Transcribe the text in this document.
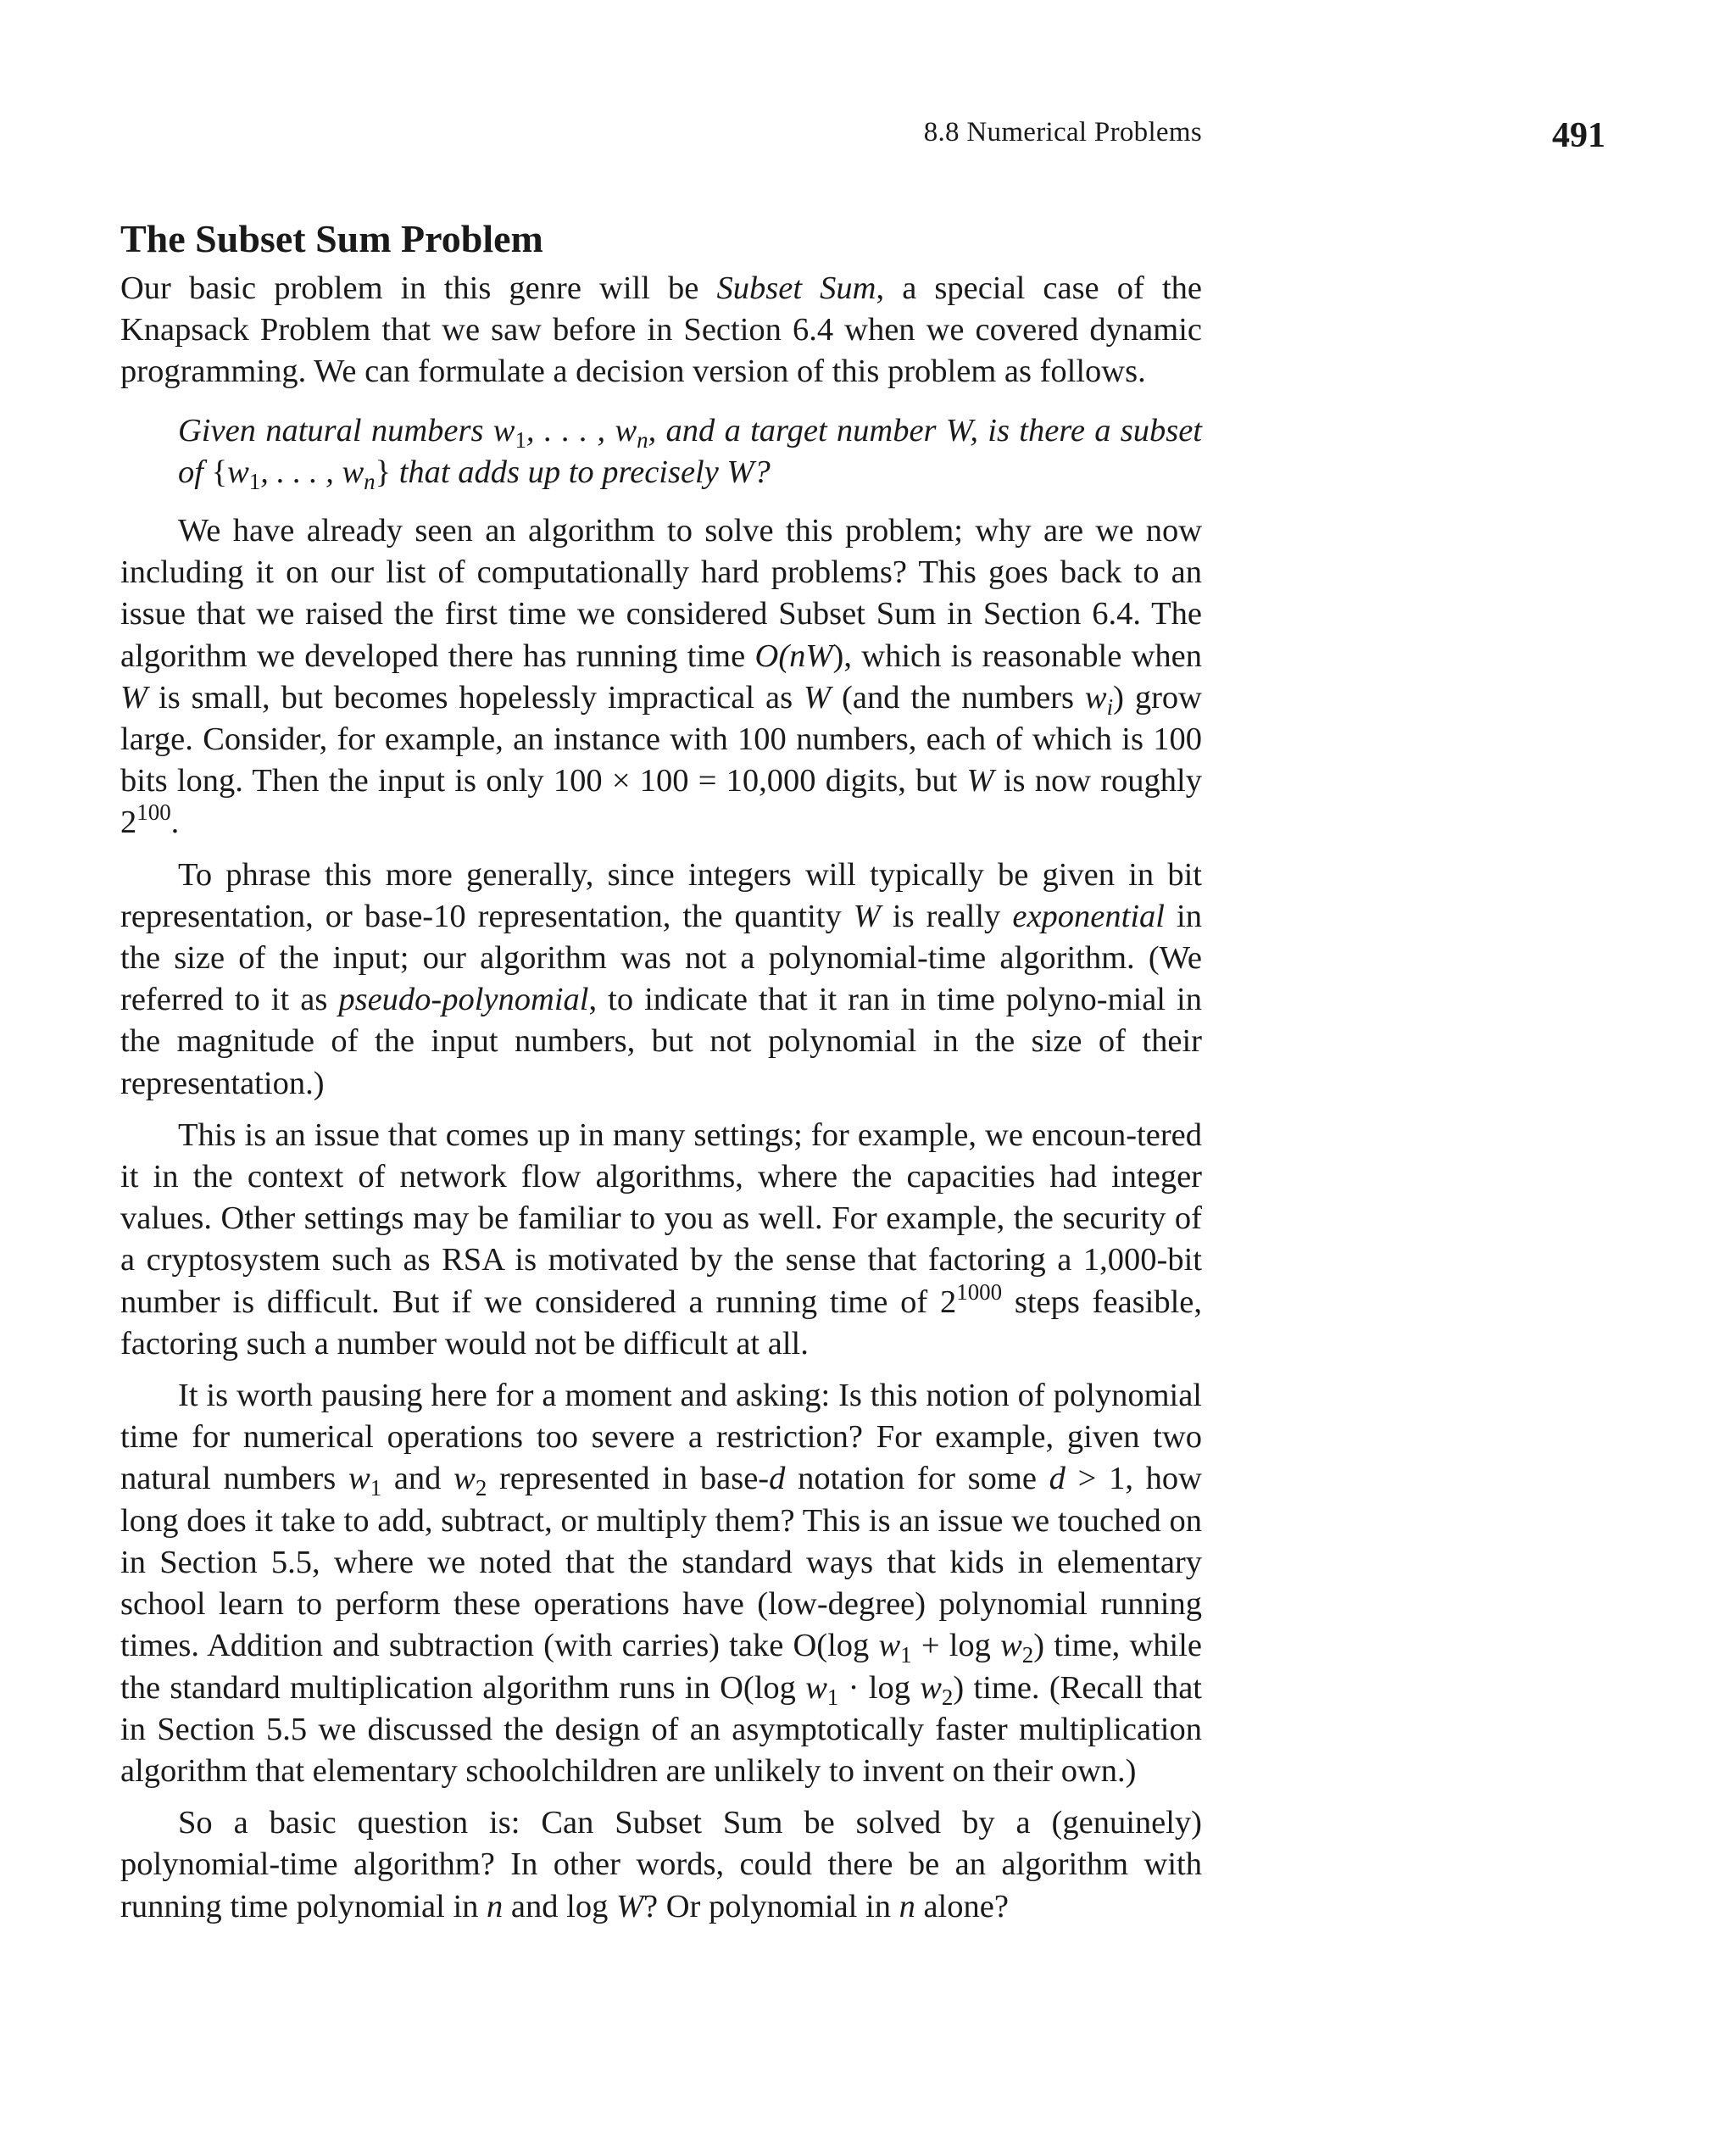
8.8 Numerical Problems	491
The Subset Sum Problem

Our basic problem in this genre will be Subset Sum, a special case of the Knapsack Problem that we saw before in Section 6.4 when we covered dynamic programming. We can formulate a decision version of this problem as follows.

Given natural numbers $w_1$, . . . , $w_n$, and a target number W, is there a subset of {$w_1$, . . . , $w_n$} that adds up to precisely W?

We have already seen an algorithm to solve this problem; why are we now including it on our list of computationally hard problems? This goes back to an issue that we raised the first time we considered Subset Sum in Section 6.4. The algorithm we developed there has running time O(nW), which is reasonable when W is small, but becomes hopelessly impractical as W (and the numbers $w_i$) grow large. Consider, for example, an instance with 100 numbers, each of which is 100 bits long. Then the input is only 100 × 100 = 10,000 digits, but W is now roughly $2^{100}$.

To phrase this more generally, since integers will typically be given in bit representation, or base-10 representation, the quantity W is really exponential in the size of the input; our algorithm was not a polynomial-time algorithm. (We referred to it as pseudo-polynomial, to indicate that it ran in time polyno-mial in the magnitude of the input numbers, but not polynomial in the size of their representation.)

This is an issue that comes up in many settings; for example, we encoun-tered it in the context of network flow algorithms, where the capacities had integer values. Other settings may be familiar to you as well. For example, the security of a cryptosystem such as RSA is motivated by the sense that factoring a 1,000-bit number is difficult. But if we considered a running time of $2^{1000}$ steps feasible, factoring such a number would not be difficult at all.

It is worth pausing here for a moment and asking: Is this notion of polynomial time for numerical operations too severe a restriction? For example, given two natural numbers $w_1$ and $w_2$ represented in base-d notation for some d > 1, how long does it take to add, subtract, or multiply them? This is an issue we touched on in Section 5.5, where we noted that the standard ways that kids in elementary school learn to perform these operations have (low-degree) polynomial running times. Addition and subtraction (with carries) take O(log $w_1 + \log w_2$) time, while the standard multiplication algorithm runs in O(log $w_1 \cdot \log w_2$) time. (Recall that in Section 5.5 we discussed the design of an asymptotically faster multiplication algorithm that elementary schoolchildren are unlikely to invent on their own.)

So a basic question is: Can Subset Sum be solved by a (genuinely) polynomial-time algorithm? In other words, could there be an algorithm with running time polynomial in n and log W? Or polynomial in n alone?
